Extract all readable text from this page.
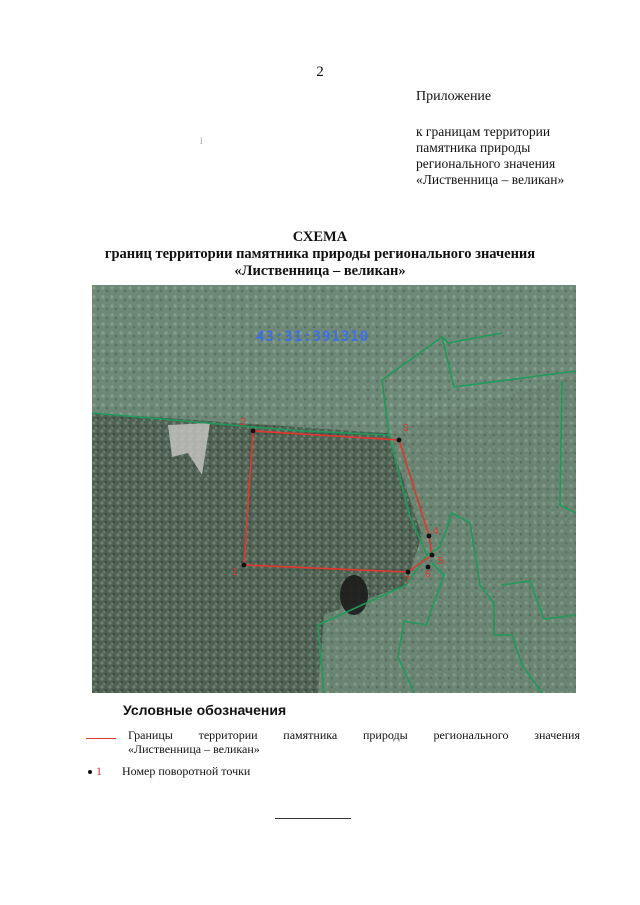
2
Приложение
к границам территории
памятника природы
регионального значения
«Лиственница – великан»
l
СХЕМА
границ территории памятника природы регионального значения
«Лиственница – великан»
1
2
3
4
5
6
7
43:31:391310
Условные обозначения
Границы территории памятника природы регионального значения
«Лиственница – великан»
1 Номер поворотной точки
